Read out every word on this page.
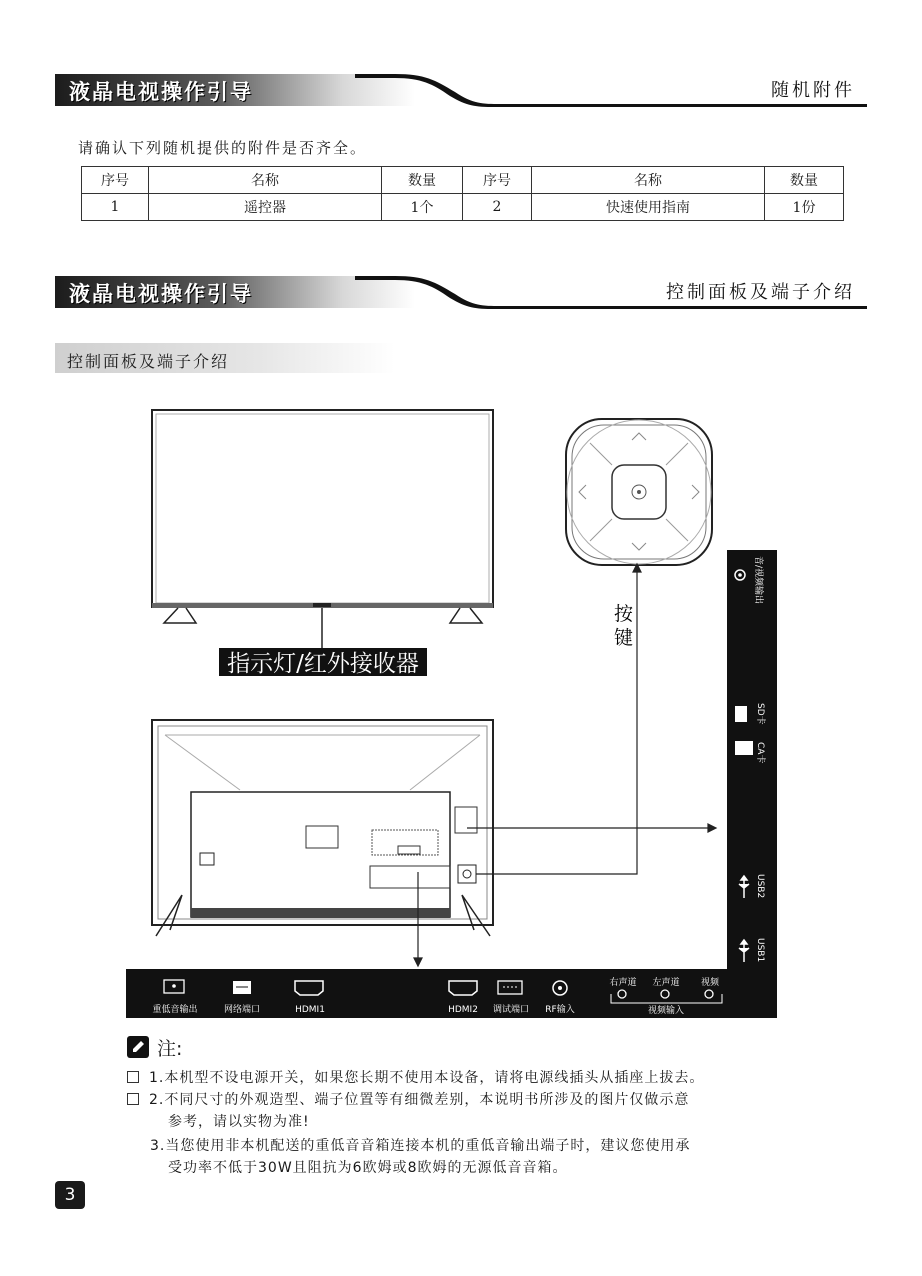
液晶电视操作引导	随机附件
请确认下列随机提供的附件是否齐全。
序号	名称	数量	序号	名称	数量
1	遥控器	1个	2	快速使用指南	1份
液晶电视操作引导	控制面板及端子介绍
控制面板及端子介绍
指示灯/红外接收器
按
键
音/视频输出
SD卡
CA卡
USB2
USB1
重低音输出	网络端口	HDMI1	HDMI2 调试端口 RF输入
右声道 左声道 视频
视频输入
注:
1.本机型不设电源开关，如果您长期不使用本设备，请将电源线插头从插座上拔去。
2.不同尺寸的外观造型、端子位置等有细微差别，本说明书所涉及的图片仅做示意
参考，请以实物为准!
3.当您使用非本机配送的重低音音箱连接本机的重低音输出端子时，建议您使用承
受功率不低于30W且阻抗为6欧姆或8欧姆的无源低音音箱。
3
